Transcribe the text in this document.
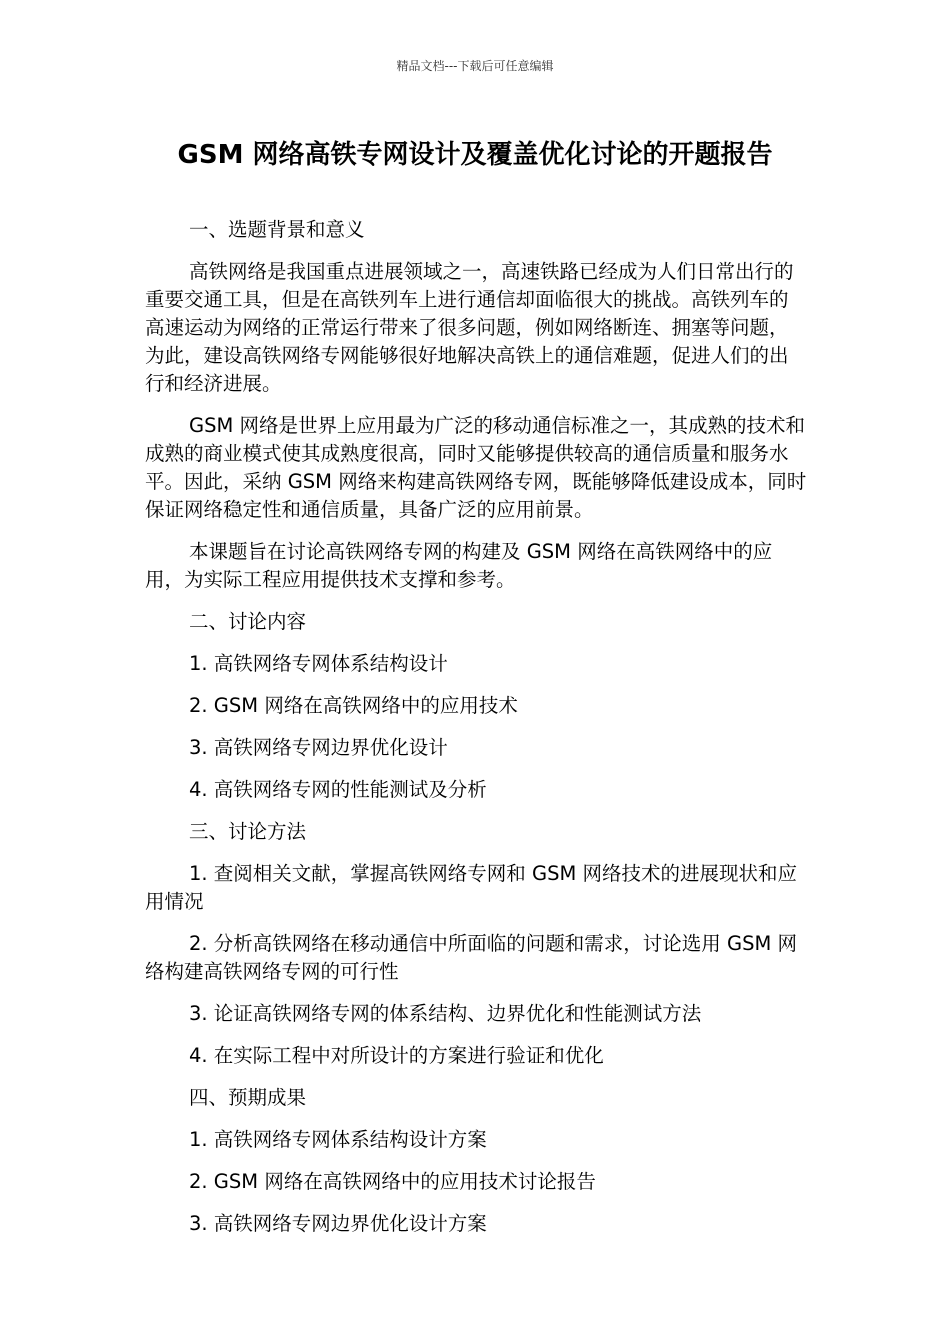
精品文档---下载后可任意编辑
GSM 网络高铁专网设计及覆盖优化讨论的开题报告

一、选题背景和意义

高铁网络是我国重点进展领域之一，高速铁路已经成为人们日常出行的重要交通工具，但是在高铁列车上进行通信却面临很大的挑战。高铁列车的高速运动为网络的正常运行带来了很多问题，例如网络断连、拥塞等问题，为此，建设高铁网络专网能够很好地解决高铁上的通信难题，促进人们的出行和经济进展。

GSM 网络是世界上应用最为广泛的移动通信标准之一，其成熟的技术和成熟的商业模式使其成熟度很高，同时又能够提供较高的通信质量和服务水平。因此，采纳 GSM 网络来构建高铁网络专网，既能够降低建设成本，同时保证网络稳定性和通信质量，具备广泛的应用前景。

本课题旨在讨论高铁网络专网的构建及 GSM 网络在高铁网络中的应用，为实际工程应用提供技术支撑和参考。

二、讨论内容

1. 高铁网络专网体系结构设计

2. GSM 网络在高铁网络中的应用技术

3. 高铁网络专网边界优化设计

4. 高铁网络专网的性能测试及分析

三、讨论方法

1. 查阅相关文献，掌握高铁网络专网和 GSM 网络技术的进展现状和应用情况

2. 分析高铁网络在移动通信中所面临的问题和需求，讨论选用 GSM 网络构建高铁网络专网的可行性

3. 论证高铁网络专网的体系结构、边界优化和性能测试方法

4. 在实际工程中对所设计的方案进行验证和优化

四、预期成果

1. 高铁网络专网体系结构设计方案

2. GSM 网络在高铁网络中的应用技术讨论报告

3. 高铁网络专网边界优化设计方案
